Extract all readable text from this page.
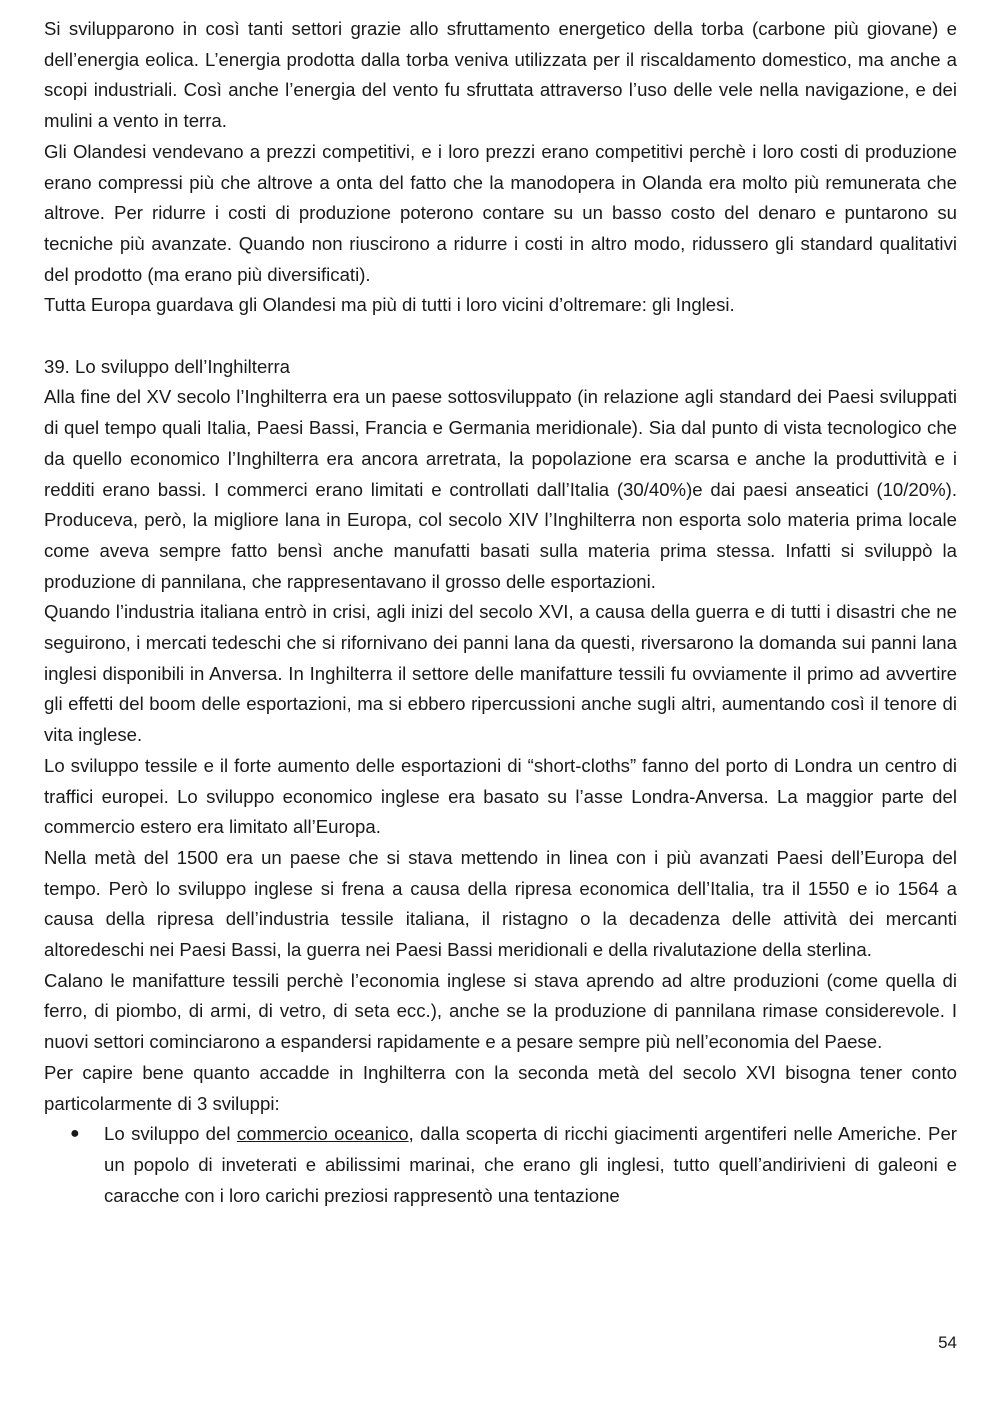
Si svilupparono in così tanti settori grazie allo sfruttamento energetico della torba (carbone più giovane) e dell’energia eolica. L’energia prodotta dalla torba veniva utilizzata per il riscaldamento domestico, ma anche a scopi industriali. Così anche l’energia del vento fu sfruttata attraverso l’uso delle vele nella navigazione, e dei mulini a vento in terra.

Gli Olandesi vendevano a prezzi competitivi, e i loro prezzi erano competitivi perchè i loro costi di produzione erano compressi più che altrove a onta del fatto che la manodopera in Olanda era molto più remunerata che altrove. Per ridurre i costi di produzione poterono contare su un basso costo del denaro e puntarono su tecniche più avanzate. Quando non riuscirono a ridurre i costi in altro modo, ridussero gli standard qualitativi del prodotto (ma erano più diversificati).

Tutta Europa guardava gli Olandesi ma più di tutti i loro vicini d’oltremare: gli Inglesi.

39. Lo sviluppo dell’Inghilterra

Alla fine del XV secolo l’Inghilterra era un paese sottosviluppato (in relazione agli standard dei Paesi sviluppati di quel tempo quali Italia, Paesi Bassi, Francia e Germania meridionale). Sia dal punto di vista tecnologico che da quello economico l’Inghilterra era ancora arretrata, la popolazione era scarsa e anche la produttività e i redditi erano bassi. I commerci erano limitati e controllati dall’Italia (30/40%)e dai paesi anseatici (10/20%). Produceva, però, la migliore lana in Europa, col secolo XIV l’Inghilterra non esporta solo materia prima locale come aveva sempre fatto bensì anche manufatti basati sulla materia prima stessa. Infatti si sviluppò la produzione di pannilana, che rappresentavano il grosso delle esportazioni.

Quando l’industria italiana entrò in crisi, agli inizi del secolo XVI, a causa della guerra e di tutti i disastri che ne seguirono, i mercati tedeschi che si rifornivano dei panni lana da questi, riversarono la domanda sui panni lana inglesi disponibili in Anversa. In Inghilterra il settore delle manifatture tessili fu ovviamente il primo ad avvertire gli effetti del boom delle esportazioni, ma si ebbero ripercussioni anche sugli altri, aumentando così il tenore di vita inglese.

Lo sviluppo tessile e il forte aumento delle esportazioni di “short-cloths” fanno del porto di Londra un centro di traffici europei. Lo sviluppo economico inglese era basato su l’asse Londra-Anversa. La maggior parte del commercio estero era limitato all’Europa.

Nella metà del 1500 era un paese che si stava mettendo in linea con i più avanzati Paesi dell’Europa del tempo. Però lo sviluppo inglese si frena a causa della ripresa economica dell’Italia, tra il 1550 e io 1564 a causa della ripresa dell’industria tessile italiana, il ristagno o la decadenza delle attività dei mercanti altoredeschi nei Paesi Bassi, la guerra nei Paesi Bassi meridionali e della rivalutazione della sterlina.

Calano le manifatture tessili perchè l’economia inglese si stava aprendo ad altre produzioni (come quella di ferro, di piombo, di armi, di vetro, di seta ecc.), anche se la produzione di pannilana rimase considerevole. I nuovi settori cominciarono a espandersi rapidamente e a pesare sempre più nell’economia del Paese.

Per capire bene quanto accadde in Inghilterra con la seconda metà del secolo XVI bisogna tener conto particolarmente di 3 sviluppi:

● Lo sviluppo del commercio oceanico, dalla scoperta di ricchi giacimenti argentiferi nelle Americhe. Per un popolo di inveterati e abilissimi marinai, che erano gli inglesi, tutto quell’andirivieni di galeoni e caracche con i loro carichi preziosi rappresentò una tentazione
54
